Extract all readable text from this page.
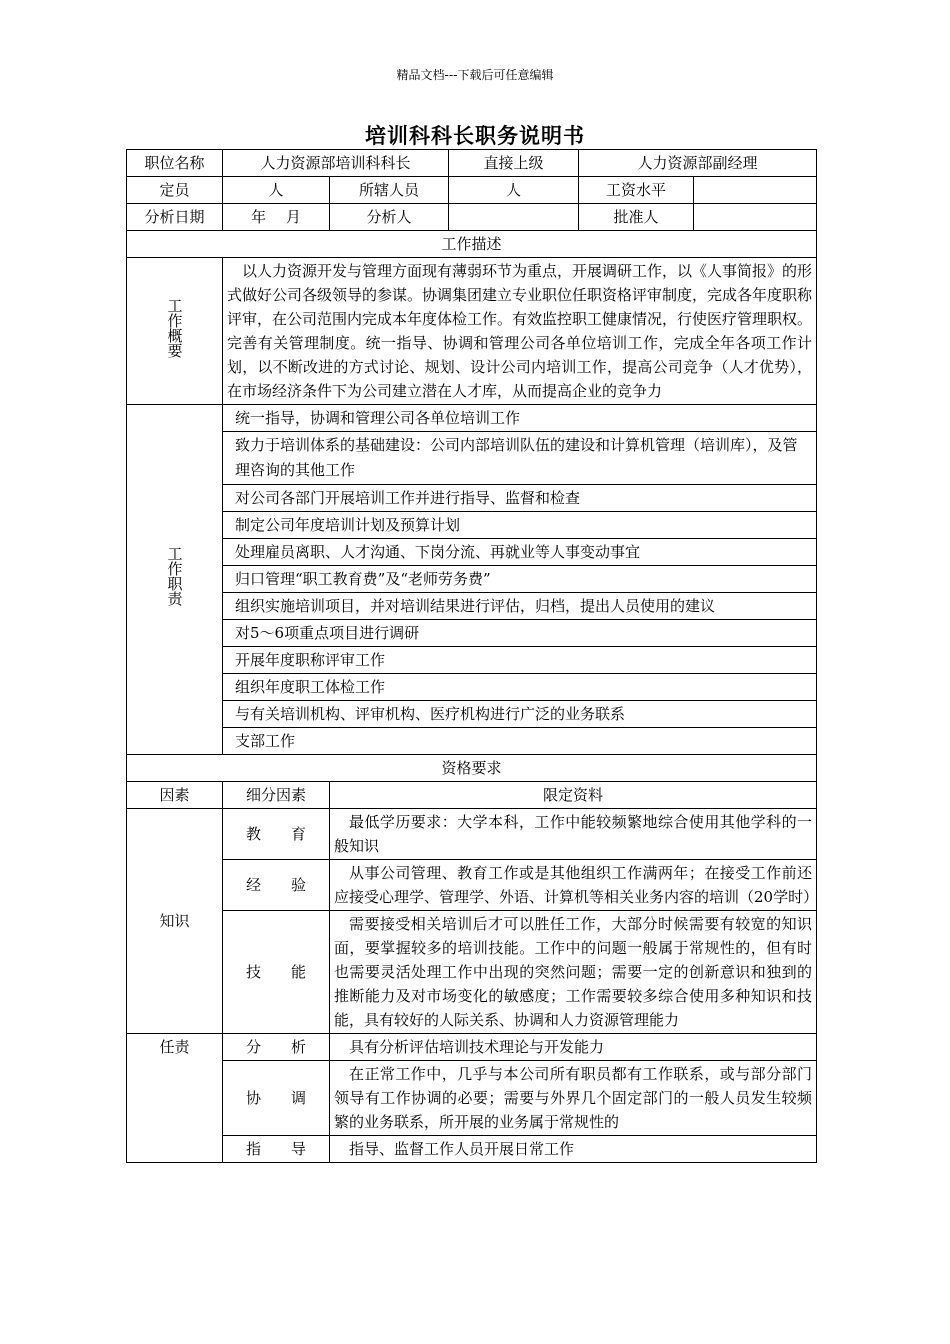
精品文档---下载后可任意编辑
培训科科长职务说明书
职位名称	人力资源部培训科科长		直接上级	人力资源部副经理	
定员	人	所辖人员	人	工资水平	
分析日期	年　 月	分析人		批准人	
工作描述					
工作概要	以人力资源开发与管理方面现有薄弱环节为重点，开展调研工作，以《人事简报》的形式做好公司各级领导的参谋。协调集团建立专业职位任职资格评审制度，完成各年度职称评审，在公司范围内完成本年度体检工作。有效监控职工健康情况，行使医疗管理职权。完善有关管理制度。统一指导、协调和管理公司各单位培训工作，完成全年各项工作计划，以不断改进的方式讨论、规划、设计公司内培训工作，提高公司竞争（人才优势），在市场经济条件下为公司建立潜在人才库，从而提高企业的竞争力				
工作职责	统一指导，协调和管理公司各单位培训工作				
	致力于培训体系的基础建设：公司内部培训队伍的建设和计算机管理（培训库），及管理咨询的其他工作				
	对公司各部门开展培训工作并进行指导、监督和检查				
	制定公司年度培训计划及预算计划				
	处理雇员离职、人才沟通、下岗分流、再就业等人事变动事宜				
	归口管理“职工教育费”及“老师劳务费”				
	组织实施培训项目，并对培训结果进行评估，归档，提出人员使用的建议				
	对5～6项重点项目进行调研				
	开展年度职称评审工作				
	组织年度职工体检工作				
	与有关培训机构、评审机构、医疗机构进行广泛的业务联系				
	支部工作				
资格要求					
因素	细分因素	限定资料			
知识	教　　育	最低学历要求：大学本科，工作中能较频繁地综合使用其他学科的一般知识			
	经　　验	从事公司管理、教育工作或是其他组织工作满两年；在接受工作前还应接受心理学、管理学、外语、计算机等相关业务内容的培训（20学时）			
	技　　能	需要接受相关培训后才可以胜任工作，大部分时候需要有较宽的知识面，要掌握较多的培训技能。工作中的问题一般属于常规性的，但有时也需要灵活处理工作中出现的突然问题；需要一定的创新意识和独到的推断能力及对市场变化的敏感度；工作需要较多综合使用多种知识和技能，具有较好的人际关系、协调和人力资源管理能力			
任责	分　　析	具有分析评估培训技术理论与开发能力			
	协　　调	在正常工作中，几乎与本公司所有职员都有工作联系，或与部分部门领导有工作协调的必要；需要与外界几个固定部门的一般人员发生较频繁的业务联系，所开展的业务属于常规性的			
	指　　导	指导、监督工作人员开展日常工作			
